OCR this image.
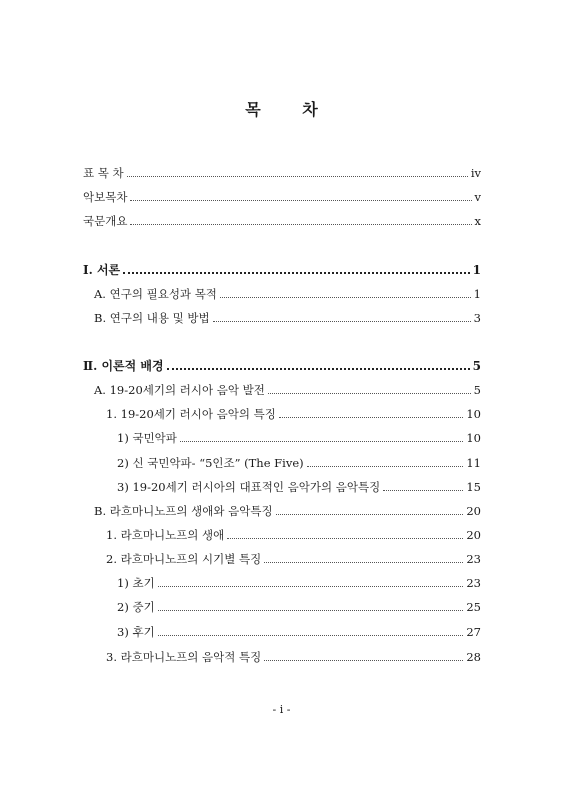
목 차
표 목 차	iv
악보목차	v
국문개요	x
Ⅰ. 서론	1
A. 연구의 필요성과 목적	1
B. 연구의 내용 및 방법	3
Ⅱ. 이론적 배경	5
A. 19-20세기의 러시아 음악 발전	5
1. 19-20세기 러시아 음악의 특징	10
1) 국민악파	10
2) 신 국민악파- “5인조” (The Five)	11
3) 19-20세기 러시아의 대표적인 음악가의 음악특징	15
B. 라흐마니노프의 생애와 음악특징	20
1. 라흐마니노프의 생애	20
2. 라흐마니노프의 시기별 특징	23
1) 초기	23
2) 중기	25
3) 후기	27
3. 라흐마니노프의 음악적 특징	28
- i -
